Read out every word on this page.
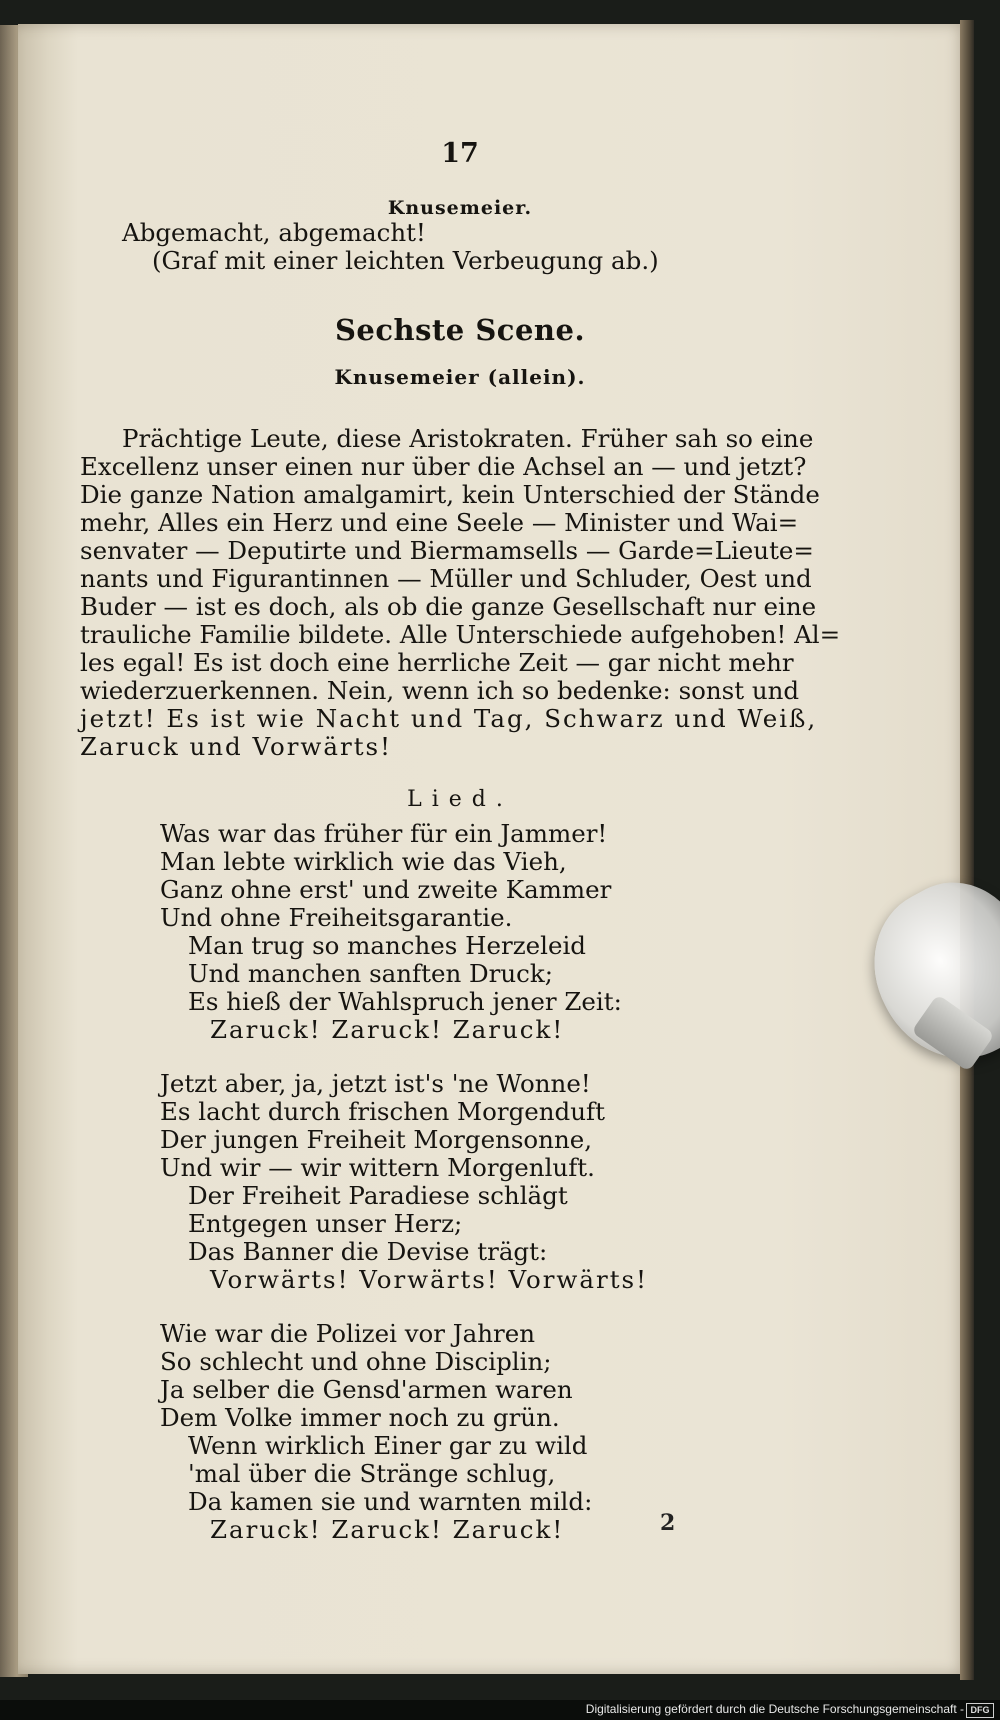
17
Knusemeier.
Abgemacht, abgemacht!
(Graf mit einer leichten Verbeugung ab.)
Sechste Scene.
Knusemeier (allein).
Prächtige Leute, diese Aristokraten. Früher sah so eine
Excellenz unser einen nur über die Achsel an — und jetzt?
Die ganze Nation amalgamirt, kein Unterschied der Stände
mehr, Alles ein Herz und eine Seele — Minister und Wai=
senvater — Deputirte und Biermamsells — Garde=Lieute=
nants und Figurantinnen — Müller und Schluder, Oest und
Buder — ist es doch, als ob die ganze Gesellschaft nur eine
trauliche Familie bildete. Alle Unterschiede aufgehoben! Al=
les egal! Es ist doch eine herrliche Zeit — gar nicht mehr
wiederzuerkennen. Nein, wenn ich so bedenke: sonst und
jetzt! Es ist wie Nacht und Tag, Schwarz und Weiß,
Zaruck und Vorwärts!
Lied.
Was war das früher für ein Jammer!
Man lebte wirklich wie das Vieh,
Ganz ohne erst' und zweite Kammer
Und ohne Freiheitsgarantie.
Man trug so manches Herzeleid
Und manchen sanften Druck;
Es hieß der Wahlspruch jener Zeit:
Zaruck! Zaruck! Zaruck!
Jetzt aber, ja, jetzt ist's 'ne Wonne!
Es lacht durch frischen Morgenduft
Der jungen Freiheit Morgensonne,
Und wir — wir wittern Morgenluft.
Der Freiheit Paradiese schlägt
Entgegen unser Herz;
Das Banner die Devise trägt:
Vorwärts! Vorwärts! Vorwärts!
Wie war die Polizei vor Jahren
So schlecht und ohne Disciplin;
Ja selber die Gensd'armen waren
Dem Volke immer noch zu grün.
Wenn wirklich Einer gar zu wild
'mal über die Stränge schlug,
Da kamen sie und warnten mild:
Zaruck! Zaruck! Zaruck!	2
Digitalisierung gefördert durch die Deutsche Forschungsgemeinschaft - DFG
